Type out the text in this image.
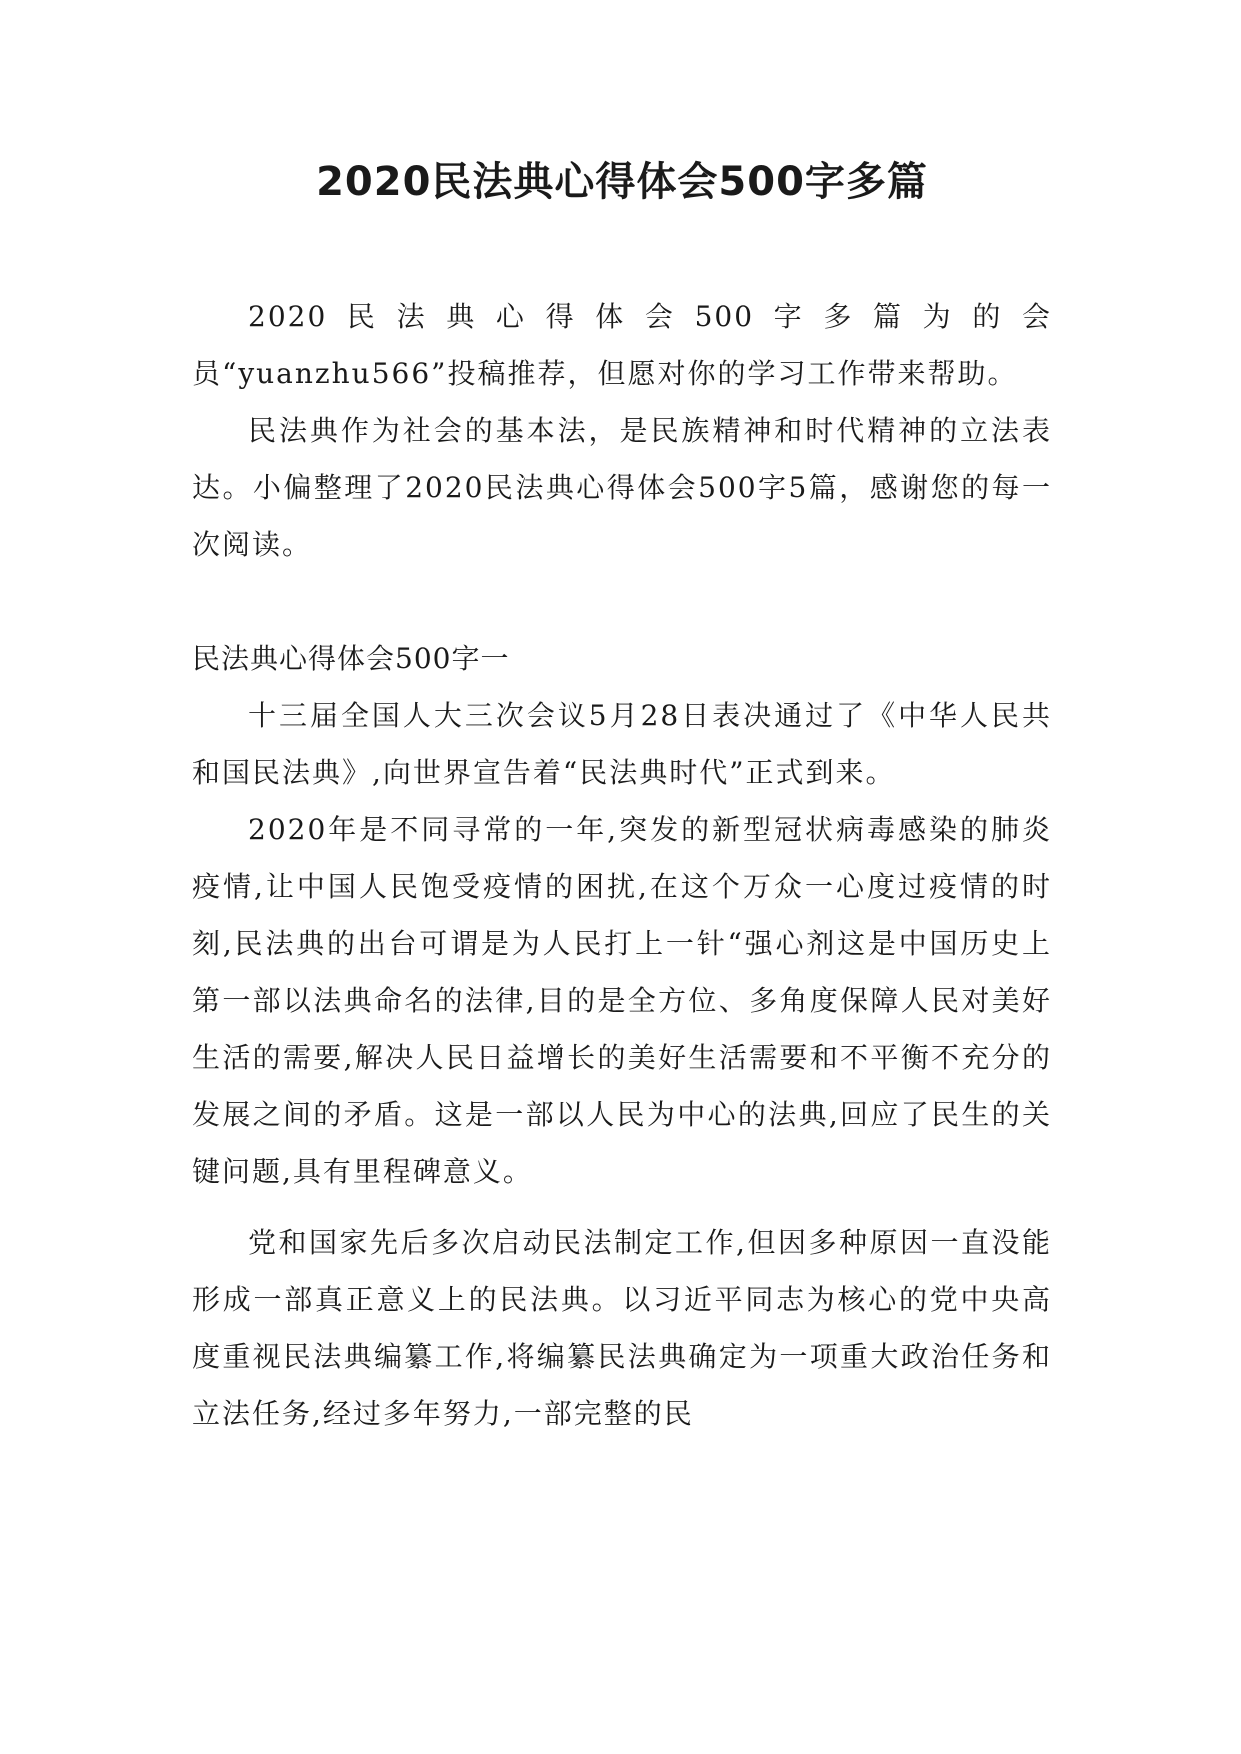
2020民法典心得体会500字多篇

2020民法典心得体会500字多篇为的会员“yuanzhu566”投稿推荐，但愿对你的学习工作带来帮助。

民法典作为社会的基本法，是民族精神和时代精神的立法表达。小偏整理了2020民法典心得体会500字5篇，感谢您的每一次阅读。

民法典心得体会500字一

十三届全国人大三次会议5月28日表决通过了《中华人民共和国民法典》,向世界宣告着“民法典时代”正式到来。

2020年是不同寻常的一年,突发的新型冠状病毒感染的肺炎疫情,让中国人民饱受疫情的困扰,在这个万众一心度过疫情的时刻,民法典的出台可谓是为人民打上一针“强心剂这是中国历史上第一部以法典命名的法律,目的是全方位、多角度保障人民对美好生活的需要,解决人民日益增长的美好生活需要和不平衡不充分的发展之间的矛盾。这是一部以人民为中心的法典,回应了民生的关键问题,具有里程碑意义。

党和国家先后多次启动民法制定工作,但因多种原因一直没能形成一部真正意义上的民法典。以习近平同志为核心的党中央高度重视民法典编纂工作,将编纂民法典确定为一项重大政治任务和立法任务,经过多年努力,一部完整的民
